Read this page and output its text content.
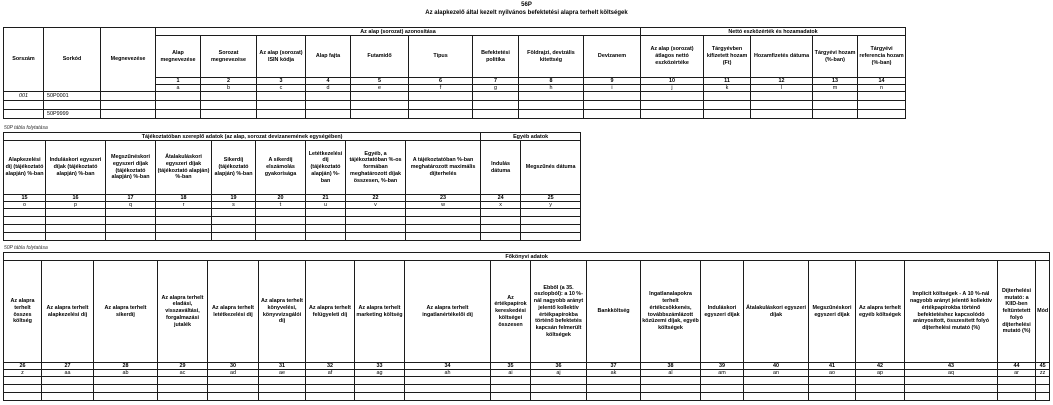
56P
Az alapkezelő által kezelt nyilvános befektetési alapra terhelt költségek
Sorszám	Sorkód	Megnevezése	Az alap (sorozat) azonosítása									Nettó eszközérték és hozamadatok				
			Alap megnevezése	Sorozat megnevezése	Az alap (sorozat) ISIN kódja	Alap fajta	Futamidő	Típus	Befektetési politika	Földrajzi, devizális kitettség	Devizanem	Az alap (sorozat) átlagos nettó eszközértéke	Tárgyévben kifizetett hozam (Ft)	Hozamfizetés dátuma	Tárgyévi hozam (%-ban)	Tárgyévi referencia hozam (%-ban)
			1	2	3	4	5	6	7	8	9	10	11	12	13	14
			a	b	c	d	e	f	g	h	i	j	k	l	m	n
001	50P0001															

	50P9999															
50P tábla folytatása
Tájékoztatóban szereplő adatok (az alap, sorozat devizanemének egységében)									Egyéb adatok	
Alapkezelési díj (tájékoztató alapján) %-ban	Induláskori egyszeri díjak (tájékoztató alapján) %-ban	Megszűnéskori egyszeri díjak (tájékoztató alapján) %-ban	Átalakuláskori egyszeri díjak (tájékoztató alapján) %-ban	Sikerdíj (tájékoztató alapján) %-ban	A sikerdíj elszámolás gyakorisága	Letétkezelési díj (tájékoztató alapján) %-ban	Egyéb, a tájékoztatóban %-os formában meghatározott díjak összesen, %-ban	A tájékoztatóban %-ban meghatározott maximális díjterhelés	Indulás dátuma	Megszűnés dátuma
15	16	17	18	19	20	21	22	23	24	25
o	p	q	r	s	t	u	v	w	x	y

50P tábla folytatása
Főkönyvi adatok																			
Az alapra terhelt összes költség	Az alapra terhelt alapkezelési díj	Az alapra terhelt sikerdíj	Az alapra terhelt eladási, visszaváltási, forgalmazási jutalék	Az alapra terhelt letétkezelési díj	Az alapra terhelt könyvelési, könyvvizsgálói díj	Az alapra terhelt felügyeleti díj	Az alapra terhelt marketing költség	Az alapra terhelt ingatlanértékelői díj	Az értékpapírok kereskedési költségei összesen	Ebből (a 35. oszlopból): a 10 %-nál nagyobb arányt jelentő kollektív értékpapírokba történő befektetés kapcsán felmerült költségek	Bankköltség	Ingatlanalapokra terhelt értékcsökkenés, továbbszámlázott közüzemi díjak, egyéb költségek	Induláskori egyszeri díjak	Átalakuláskori egyszeri díjak	Megszűnéskori egyszeri díjak	Az alapra terhelt egyéb költségek	Implicit költségek - A 10 %-nál nagyobb arányt jelentő kollektív értékpapírokba történő befektetéshez kapcsolódó arányosított, összesített folyó díjterhelési mutató (%)	Díjterhelési mutató: a KIID-ben feltüntetett folyó díjterhelési mutató (%)	Mód
26	27	28	29	30	31	32	33	34	35	36	37	38	39	40	41	42	43	44	45
z	aa	ab	ac	ad	ae	af	ag	ah	ai	aj	ak	al	am	an	ao	ap	aq	ar	zz
